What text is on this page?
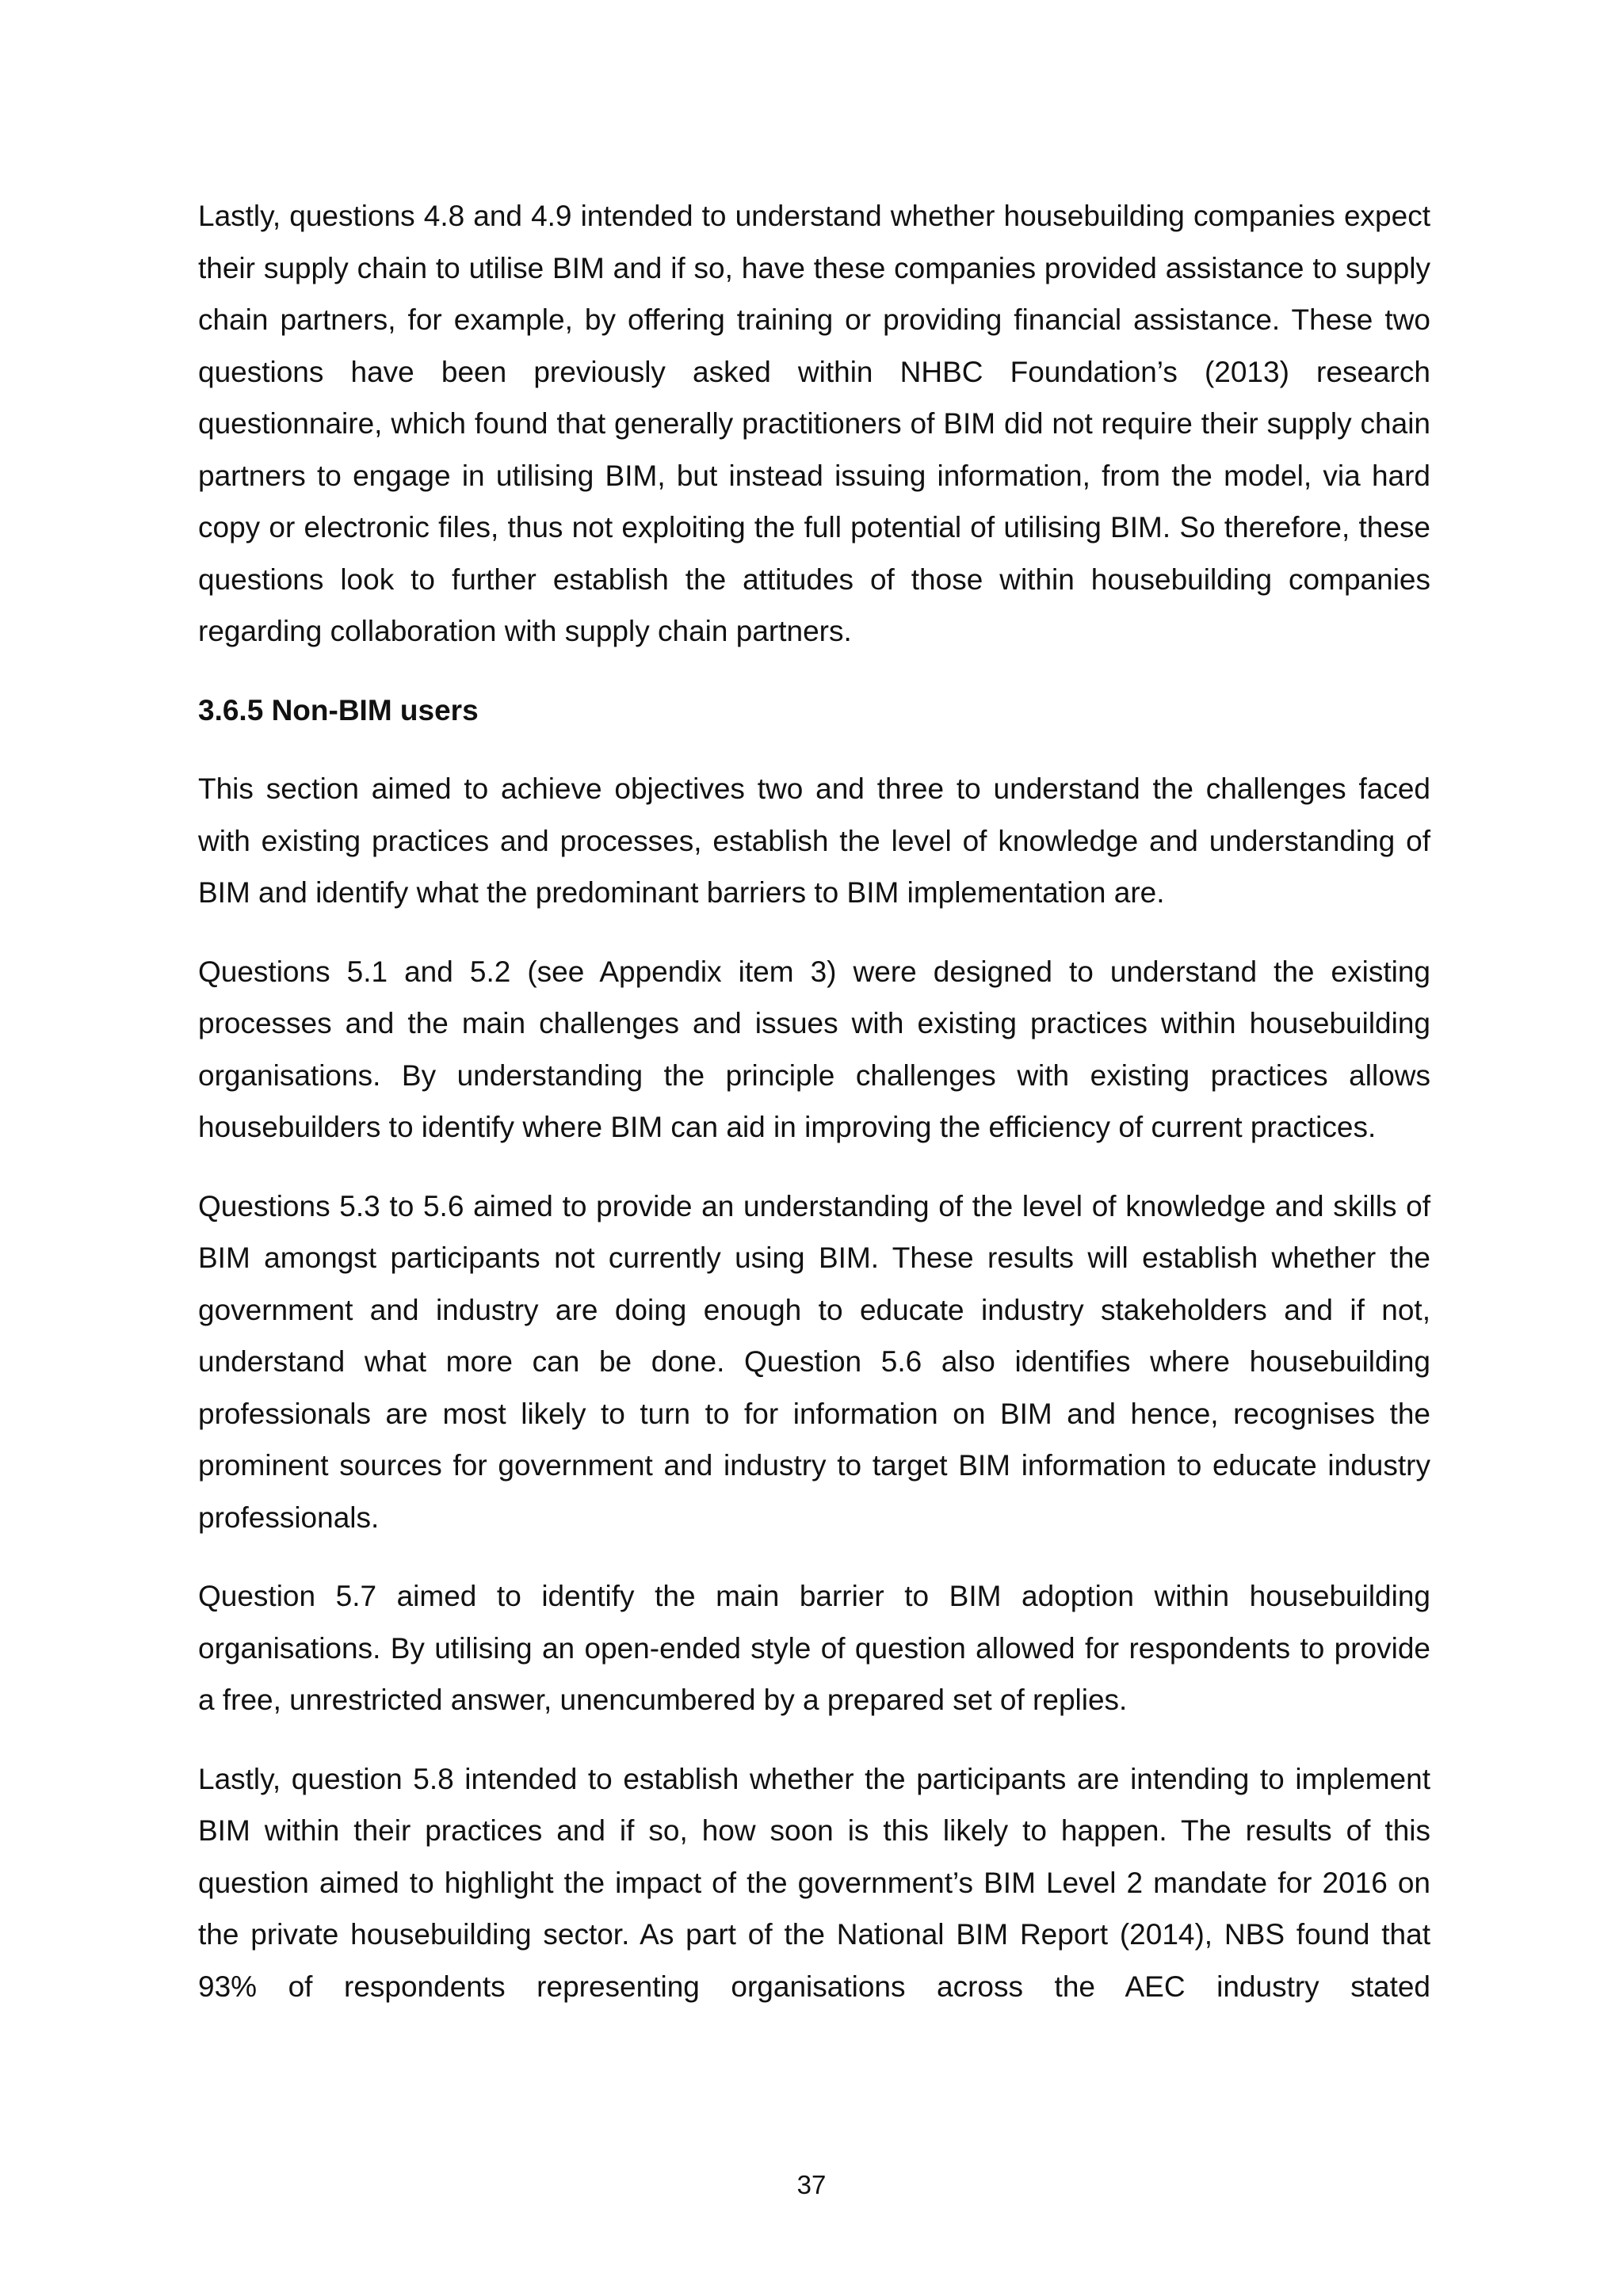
Lastly, questions 4.8 and 4.9 intended to understand whether housebuilding companies expect their supply chain to utilise BIM and if so, have these companies provided assistance to supply chain partners, for example, by offering training or providing financial assistance. These two questions have been previously asked within NHBC Foundation’s (2013) research questionnaire, which found that generally practitioners of BIM did not require their supply chain partners to engage in utilising BIM, but instead issuing information, from the model, via hard copy or electronic files, thus not exploiting the full potential of utilising BIM. So therefore, these questions look to further establish the attitudes of those within housebuilding companies regarding collaboration with supply chain partners.

3.6.5 Non-BIM users

This section aimed to achieve objectives two and three to understand the challenges faced with existing practices and processes, establish the level of knowledge and understanding of BIM and identify what the predominant barriers to BIM implementation are.

Questions 5.1 and 5.2 (see Appendix item 3) were designed to understand the existing processes and the main challenges and issues with existing practices within housebuilding organisations. By understanding the principle challenges with existing practices allows housebuilders to identify where BIM can aid in improving the efficiency of current practices.

Questions 5.3 to 5.6 aimed to provide an understanding of the level of knowledge and skills of BIM amongst participants not currently using BIM. These results will establish whether the government and industry are doing enough to educate industry stakeholders and if not, understand what more can be done. Question 5.6 also identifies where housebuilding professionals are most likely to turn to for information on BIM and hence, recognises the prominent sources for government and industry to target BIM information to educate industry professionals.

Question 5.7 aimed to identify the main barrier to BIM adoption within housebuilding organisations. By utilising an open-ended style of question allowed for respondents to provide a free, unrestricted answer, unencumbered by a prepared set of replies.

Lastly, question 5.8 intended to establish whether the participants are intending to implement BIM within their practices and if so, how soon is this likely to happen. The results of this question aimed to highlight the impact of the government’s BIM Level 2 mandate for 2016 on the private housebuilding sector. As part of the National BIM Report (2014), NBS found that 93% of respondents representing organisations across the AEC industry stated

37
